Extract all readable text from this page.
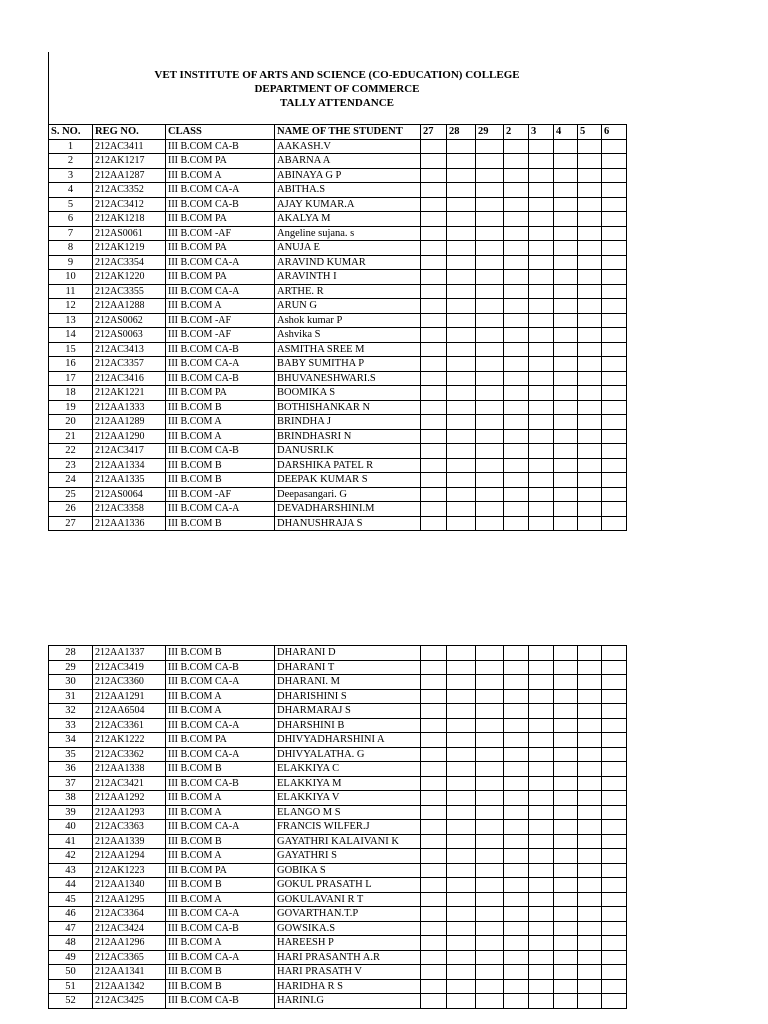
VET INSTITUTE OF ARTS AND SCIENCE (CO-EDUCATION) COLLEGE
DEPARTMENT OF COMMERCE
TALLY ATTENDANCE
S. NO.	REG NO.	CLASS	NAME OF THE STUDENT	27	28	29	2	3	4	5	6
1	212AC3411	III B.COM CA-B	AAKASH.V								
2	212AK1217	III B.COM PA	ABARNA A								
3	212AA1287	III B.COM A	ABINAYA G P								
4	212AC3352	III B.COM CA-A	ABITHA.S								
5	212AC3412	III B.COM CA-B	AJAY KUMAR.A								
6	212AK1218	III B.COM PA	AKALYA M								
7	212AS0061	III B.COM -AF	Angeline sujana. s								
8	212AK1219	III B.COM PA	ANUJA E								
9	212AC3354	III B.COM CA-A	ARAVIND KUMAR								
10	212AK1220	III B.COM PA	ARAVINTH I								
11	212AC3355	III B.COM CA-A	ARTHE. R								
12	212AA1288	III B.COM A	ARUN G								
13	212AS0062	III B.COM -AF	Ashok kumar P								
14	212AS0063	III B.COM -AF	Ashvika S								
15	212AC3413	III B.COM CA-B	ASMITHA SREE M								
16	212AC3357	III B.COM CA-A	BABY SUMITHA P								
17	212AC3416	III B.COM CA-B	BHUVANESHWARI.S								
18	212AK1221	III B.COM PA	BOOMIKA S								
19	212AA1333	III B.COM B	BOTHISHANKAR N								
20	212AA1289	III B.COM A	BRINDHA J								
21	212AA1290	III B.COM A	BRINDHASRI N								
22	212AC3417	III B.COM CA-B	DANUSRI.K								
23	212AA1334	III B.COM B	DARSHIKA PATEL R								
24	212AA1335	III B.COM B	DEEPAK KUMAR S								
25	212AS0064	III B.COM -AF	Deepasangari. G								
26	212AC3358	III B.COM CA-A	DEVADHARSHINI.M								
27	212AA1336	III B.COM B	DHANUSHRAJA S								
28	212AA1337	III B.COM B	DHARANI D								
29	212AC3419	III B.COM CA-B	DHARANI T								
30	212AC3360	III B.COM CA-A	DHARANI. M								
31	212AA1291	III B.COM A	DHARISHINI S								
32	212AA6504	III B.COM A	DHARMARAJ S								
33	212AC3361	III B.COM CA-A	DHARSHINI B								
34	212AK1222	III B.COM PA	DHIVYADHARSHINI A								
35	212AC3362	III B.COM CA-A	DHIVYALATHA. G								
36	212AA1338	III B.COM B	ELAKKIYA C								
37	212AC3421	III B.COM CA-B	ELAKKIYA M								
38	212AA1292	III B.COM A	ELAKKIYA V								
39	212AA1293	III B.COM A	ELANGO M S								
40	212AC3363	III B.COM CA-A	FRANCIS WILFER.J								
41	212AA1339	III B.COM B	GAYATHRI KALAIVANI K								
42	212AA1294	III B.COM A	GAYATHRI S								
43	212AK1223	III B.COM PA	GOBIKA S								
44	212AA1340	III B.COM B	GOKUL PRASATH L								
45	212AA1295	III B.COM A	GOKULAVANI R T								
46	212AC3364	III B.COM CA-A	GOVARTHAN.T.P								
47	212AC3424	III B.COM CA-B	GOWSIKA.S								
48	212AA1296	III B.COM A	HAREESH P								
49	212AC3365	III B.COM CA-A	HARI PRASANTH A.R								
50	212AA1341	III B.COM B	HARI PRASATH V								
51	212AA1342	III B.COM B	HARIDHA R S								
52	212AC3425	III B.COM CA-B	HARINI.G								
